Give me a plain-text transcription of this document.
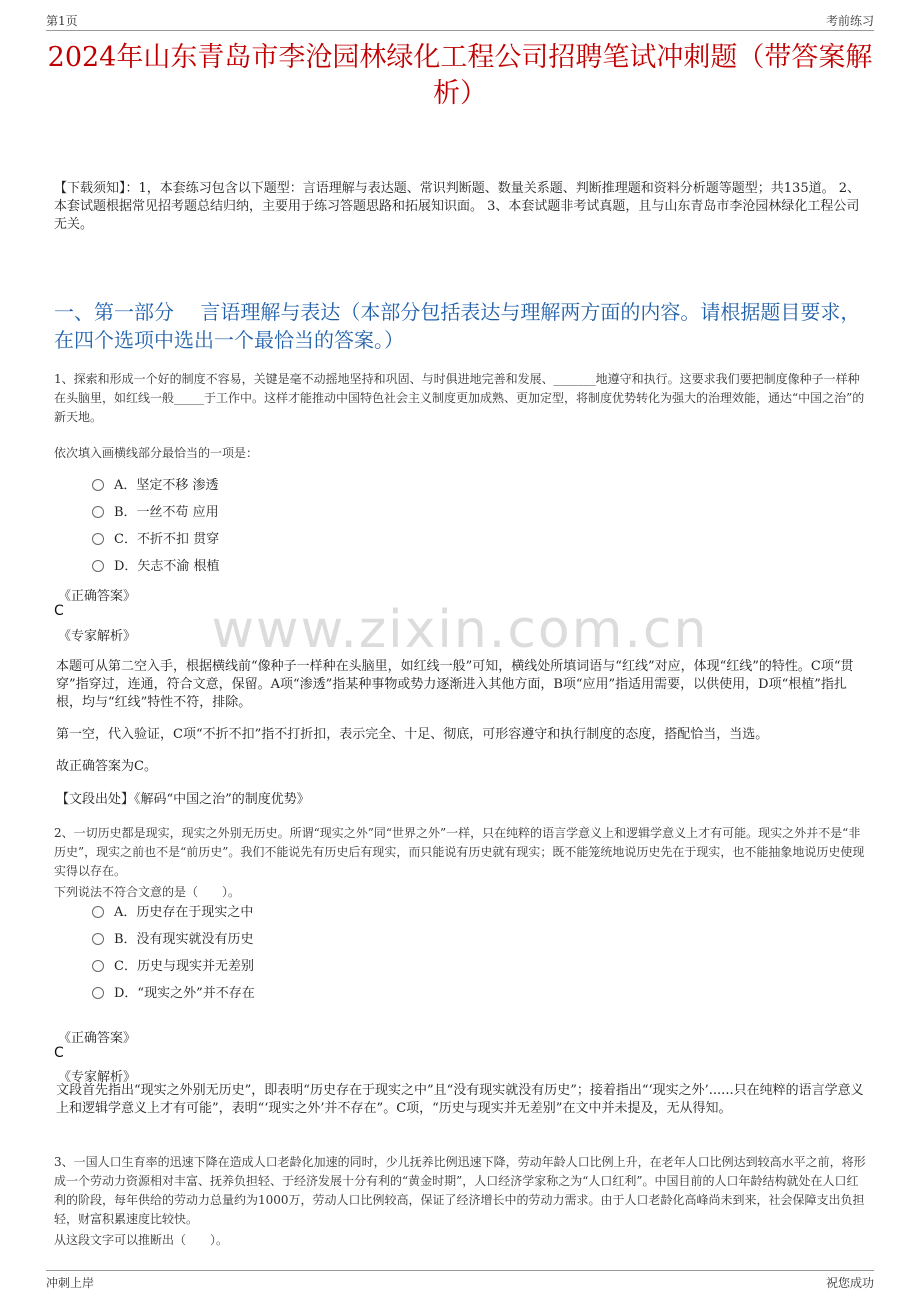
第1页	考前练习
2024年山东青岛市李沧园林绿化工程公司招聘笔试冲刺题（带答案解析）
【下载须知】：1，本套练习包含以下题型：言语理解与表达题、常识判断题、数量关系题、判断推理题和资料分析题等题型；共135道。 2、本套试题根据常见招考题总结归纳，主要用于练习答题思路和拓展知识面。 3、本套试题非考试真题，且与山东青岛市李沧园林绿化工程公司无关。
一、第一部分　 言语理解与表达（本部分包括表达与理解两方面的内容。请根据题目要求，在四个选项中选出一个最恰当的答案。）
www.zixin.com.cn
1、探索和形成一个好的制度不容易，关键是毫不动摇地坚持和巩固、与时俱进地完善和发展、_______地遵守和执行。这要求我们要把制度像种子一样种在头脑里，如红线一般_____于工作中。这样才能推动中国特色社会主义制度更加成熟、更加定型，将制度优势转化为强大的治理效能，通达“中国之治”的新天地。
依次填入画横线部分最恰当的一项是：
A．坚定不移 渗透
B．一丝不苟 应用
C．不折不扣 贯穿
D．矢志不渝 根植
《正确答案》
C
《专家解析》
本题可从第二空入手，根据横线前“像种子一样种在头脑里，如红线一般”可知，横线处所填词语与“红线”对应，体现“红线”的特性。C项“贯穿”指穿过，连通，符合文意，保留。A项“渗透”指某种事物或势力逐渐进入其他方面，B项“应用”指适用需要，以供使用，D项“根植”指扎根，均与“红线”特性不符，排除。
第一空，代入验证，C项“不折不扣”指不打折扣，表示完全、十足、彻底，可形容遵守和执行制度的态度，搭配恰当，当选。
故正确答案为C。
【文段出处】《解码“中国之治”的制度优势》
2、一切历史都是现实，现实之外别无历史。所谓“现实之外”同“世界之外”一样，只在纯粹的语言学意义上和逻辑学意义上才有可能。现实之外并不是“非历史”，现实之前也不是“前历史”。我们不能说先有历史后有现实，而只能说有历史就有现实；既不能笼统地说历史先在于现实，也不能抽象地说历史使现实得以存在。
下列说法不符合文意的是（　　）。
A．历史存在于现实之中
B．没有现实就没有历史
C．历史与现实并无差别
D．“现实之外”并不存在
《正确答案》
C
《专家解析》
文段首先指出“现实之外别无历史”，即表明“历史存在于现实之中”且“没有现实就没有历史”；接着指出“‘现实之外’......只在纯粹的语言学意义上和逻辑学意义上才有可能”，表明“‘现实之外’并不存在”。C项，“历史与现实并无差别”在文中并未提及，无从得知。
3、一国人口生育率的迅速下降在造成人口老龄化加速的同时，少儿抚养比例迅速下降，劳动年龄人口比例上升，在老年人口比例达到较高水平之前，将形成一个劳动力资源相对丰富、抚养负担轻、于经济发展十分有利的“黄金时期”，人口经济学家称之为“人口红利”。中国目前的人口年龄结构就处在人口红利的阶段，每年供给的劳动力总量约为1000万，劳动人口比例较高，保证了经济增长中的劳动力需求。由于人口老龄化高峰尚未到来，社会保障支出负担轻，财富积累速度比较快。
从这段文字可以推断出（　　）。
冲刺上岸	祝您成功
